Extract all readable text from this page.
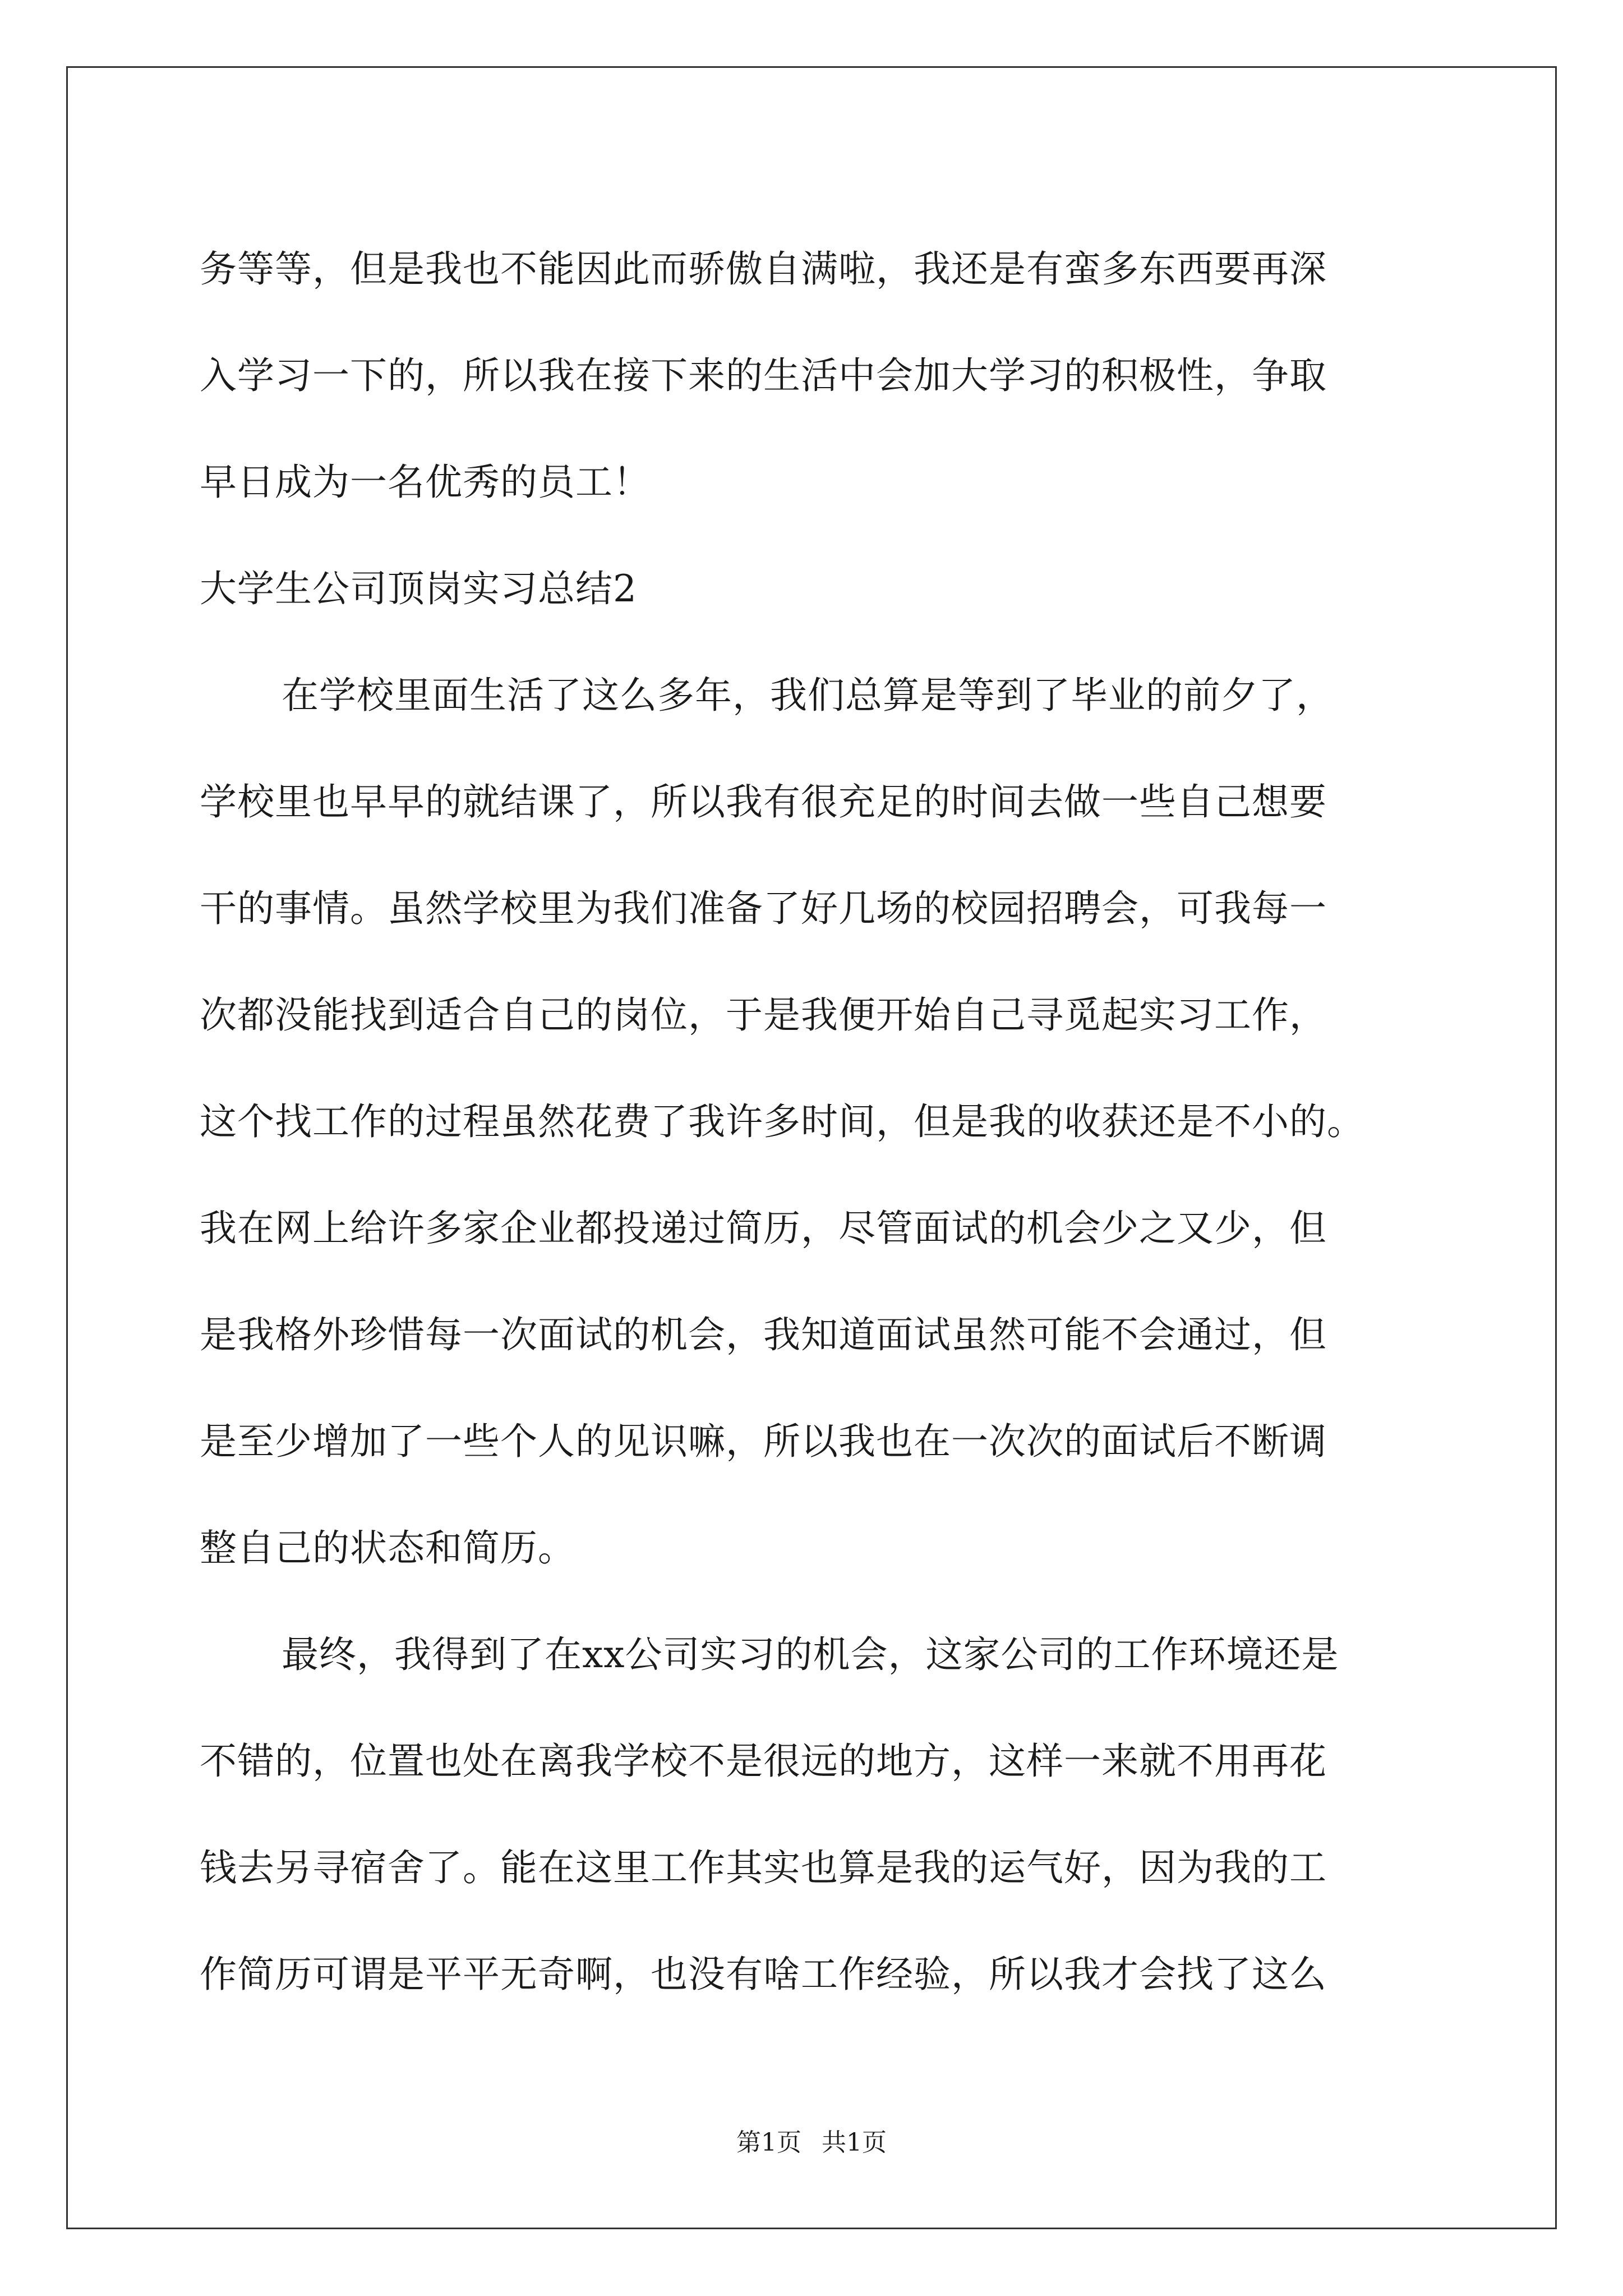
务等等，但是我也不能因此而骄傲自满啦，我还是有蛮多东西要再深
入学习一下的，所以我在接下来的生活中会加大学习的积极性，争取
早日成为一名优秀的员工！
大学生公司顶岗实习总结2
在学校里面生活了这么多年，我们总算是等到了毕业的前夕了，
学校里也早早的就结课了，所以我有很充足的时间去做一些自己想要
干的事情。虽然学校里为我们准备了好几场的校园招聘会，可我每一
次都没能找到适合自己的岗位，于是我便开始自己寻觅起实习工作，
这个找工作的过程虽然花费了我许多时间，但是我的收获还是不小的。
我在网上给许多家企业都投递过简历，尽管面试的机会少之又少，但
是我格外珍惜每一次面试的机会，我知道面试虽然可能不会通过，但
是至少增加了一些个人的见识嘛，所以我也在一次次的面试后不断调
整自己的状态和简历。
最终，我得到了在xx公司实习的机会，这家公司的工作环境还是
不错的，位置也处在离我学校不是很远的地方，这样一来就不用再花
钱去另寻宿舍了。能在这里工作其实也算是我的运气好，因为我的工
作简历可谓是平平无奇啊，也没有啥工作经验，所以我才会找了这么
第1页 共1页
